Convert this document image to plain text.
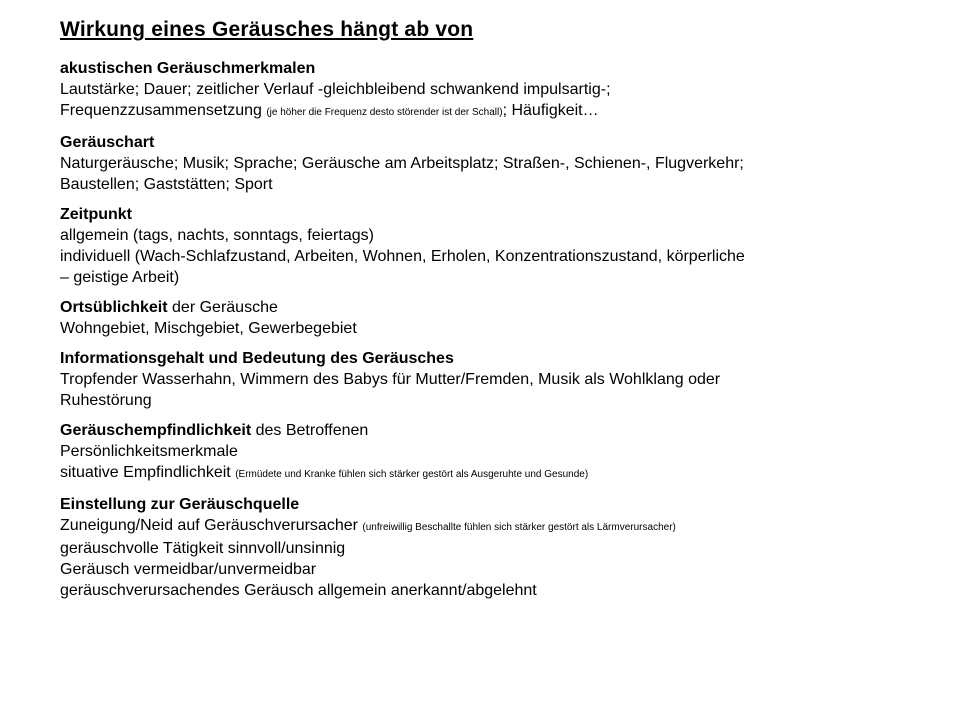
Wirkung eines Geräusches hängt ab von
akustischen Geräuschmerkmalen
Lautstärke; Dauer; zeitlicher Verlauf -gleichbleibend schwankend impulsartig-;
Frequenzzusammensetzung (je höher die Frequenz desto störender ist der Schall); Häufigkeit…
Geräuschart
Naturgeräusche; Musik; Sprache; Geräusche am Arbeitsplatz; Straßen-, Schienen-, Flugverkehr;
Baustellen; Gaststätten; Sport
Zeitpunkt
allgemein (tags, nachts, sonntags, feiertags)
individuell (Wach-Schlafzustand, Arbeiten, Wohnen, Erholen, Konzentrationszustand, körperliche
– geistige Arbeit)
Ortsüblichkeit der Geräusche
Wohngebiet, Mischgebiet, Gewerbegebiet
Informationsgehalt und Bedeutung des Geräusches
Tropfender Wasserhahn, Wimmern des Babys für Mutter/Fremden, Musik als Wohlklang oder
Ruhestörung
Geräuschempfindlichkeit des Betroffenen
Persönlichkeitsmerkmale
situative Empfindlichkeit (Ermüdete und Kranke fühlen sich stärker gestört als Ausgeruhte und Gesunde)
Einstellung zur Geräuschquelle
Zuneigung/Neid auf Geräuschverursacher (unfreiwillig Beschallte fühlen sich stärker gestört als Lärmverursacher)
geräuschvolle Tätigkeit sinnvoll/unsinnig
Geräusch vermeidbar/unvermeidbar
geräuschverursachendes Geräusch allgemein anerkannt/abgelehnt
